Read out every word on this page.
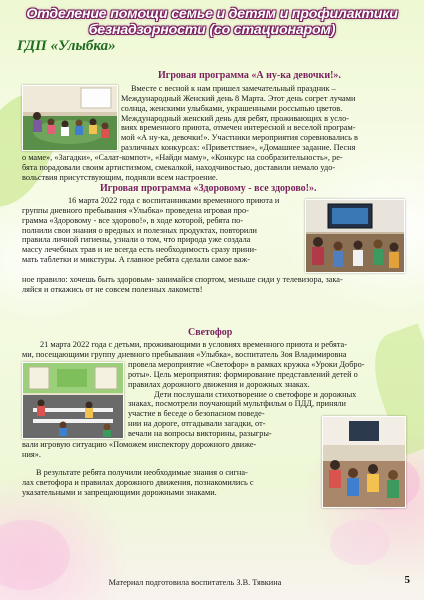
Отделение помощи семье и детям и профилактики безнадзорности (со стационаром)
ГДП «Улыбка»
Игровая программа «А ну-ка девочки!».
Вместе с весной к нам пришел замечательный праздник –
Международный Женский день 8 Марта. Этот день согрет лучами
солнца, женскими улыбками, украшенными россыпью цветов.
Международный женский день для ребят, проживающих в усло-
виях временного приюта, отмечен интересной и веселой програм-
мой «А ну-ка, девочки!». Участники мероприятия соревновались в
различных конкурсах: «Приветствие», «Домашнее задание. Песня
о маме», «Загадки», «Салат-компот», «Найди маму», «Конкурс на сообразительность», ре-
бята порадовали своим артистизмом, смекалкой, находчивостью, доставили немало удо-
вольствия присутствующим, подняли всем настроение.
Игровая программа «Здоровому - все здорово!».
16 марта 2022 года с воспитанниками временного приюта и
группы дневного пребывания «Улыбка» проведена игровая про-
грамма «Здоровому - все здорово!», в ходе которой, ребята по-
полнили свои знания о вредных и полезных продуктах, повторили
правила личной гигиены, узнали о том, что природа уже создала
массу лечебных трав и не всегда есть необходимость сразу прини-
мать таблетки и микстуры. А главное ребята сделали самое важ-
ное правило: хочешь быть здоровым- занимайся спортом, меньше сиди у телевизора, зака-
ляйся и откажись от не совсем полезных лакомств!
Светофор
21 марта 2022 года с детьми, проживающими в условиях временного приюта и ребята-
ми, посещающими группу дневного пребывания «Улыбка», воспитатель Зоя Владимировна
провела мероприятие «Светофор» в рамках кружка «Уроки Добро-
роты». Цель мероприятия: формирование представлений детей о
правилах дорожного движения и дорожных знаках.
Дети послушали стихотворение о светофоре и дорожных
знаках, посмотрели поучающий мультфильм о ПДД, приняли
участие в беседе о безопасном поведе-
нии на дороге, отгадывали загадки, от-
вечали на вопросы викторины, разыгры-
вали игровую ситуацию «Поможем инспектору дорожного движе-
ния».
В результате ребята получили необходимые знания о сигна-
лах светофора и правилах дорожного движения, познакомились с
указательными и запрещающими дорожными знаками.
Материал подготовила воспитатель З.В. Тявкина	5
